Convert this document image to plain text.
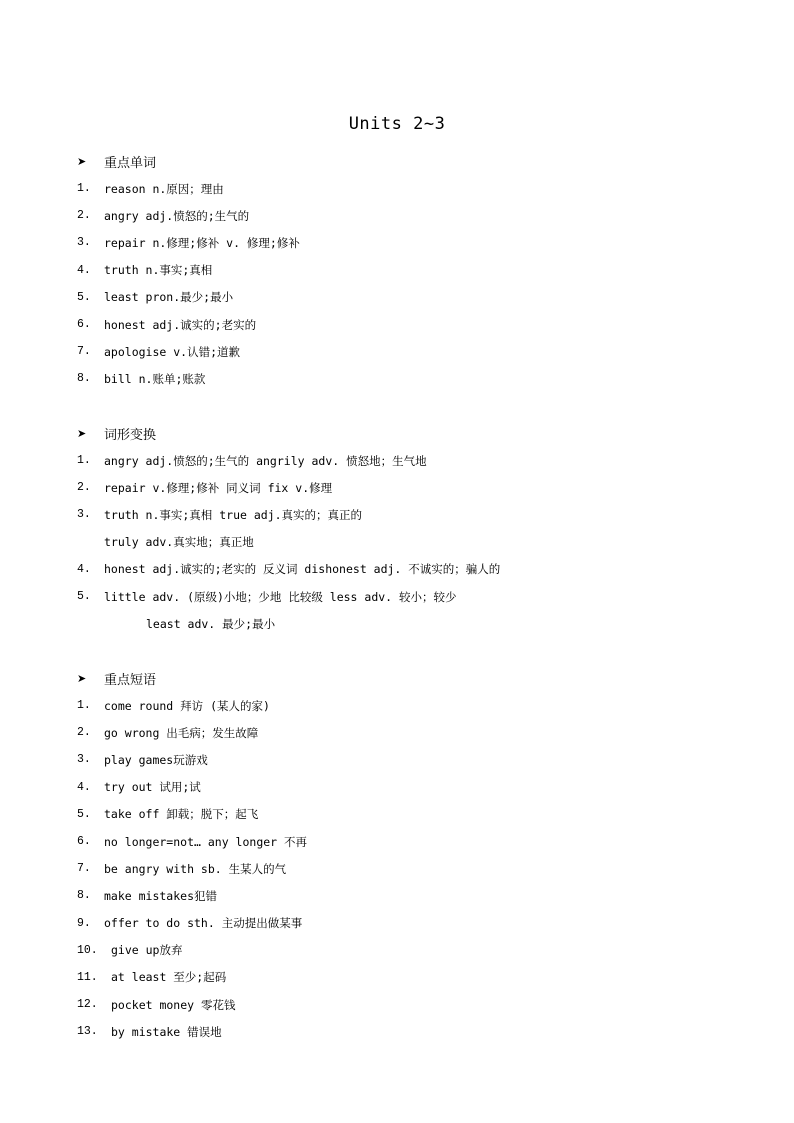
Units 2~3
➤	重点单词
1.	reason n.原因；理由
2.	angry adj.愤怒的;生气的
3.	repair n.修理;修补 v. 修理;修补
4.	truth n.事实;真相
5.	least pron.最少;最小
6.	honest adj.诚实的;老实的
7.	apologise v.认错;道歉
8.	bill n.账单;账款
➤	词形变换
1.	angry adj.愤怒的;生气的 angrily adv. 愤怒地；生气地
2.	repair v.修理;修补 同义词 fix v.修理
3.	truth n.事实;真相 true adj.真实的；真正的
truly adv.真实地；真正地
4.	honest adj.诚实的;老实的 反义词 dishonest adj. 不诚实的；骗人的
5.	little adv. (原级)小地；少地 比较级 less adv. 较小；较少
least adv. 最少;最小
➤	重点短语
1.	come round 拜访 (某人的家)
2.	go wrong 出毛病；发生故障
3.	play games玩游戏
4.	try out 试用;试
5.	take off 卸载；脱下；起飞
6.	no longer=not… any longer 不再
7.	be angry with sb. 生某人的气
8.	make mistakes犯错
9.	offer to do sth. 主动提出做某事
10.	give up放弃
11.	at least 至少;起码
12.	pocket money 零花钱
13.	by mistake 错误地
